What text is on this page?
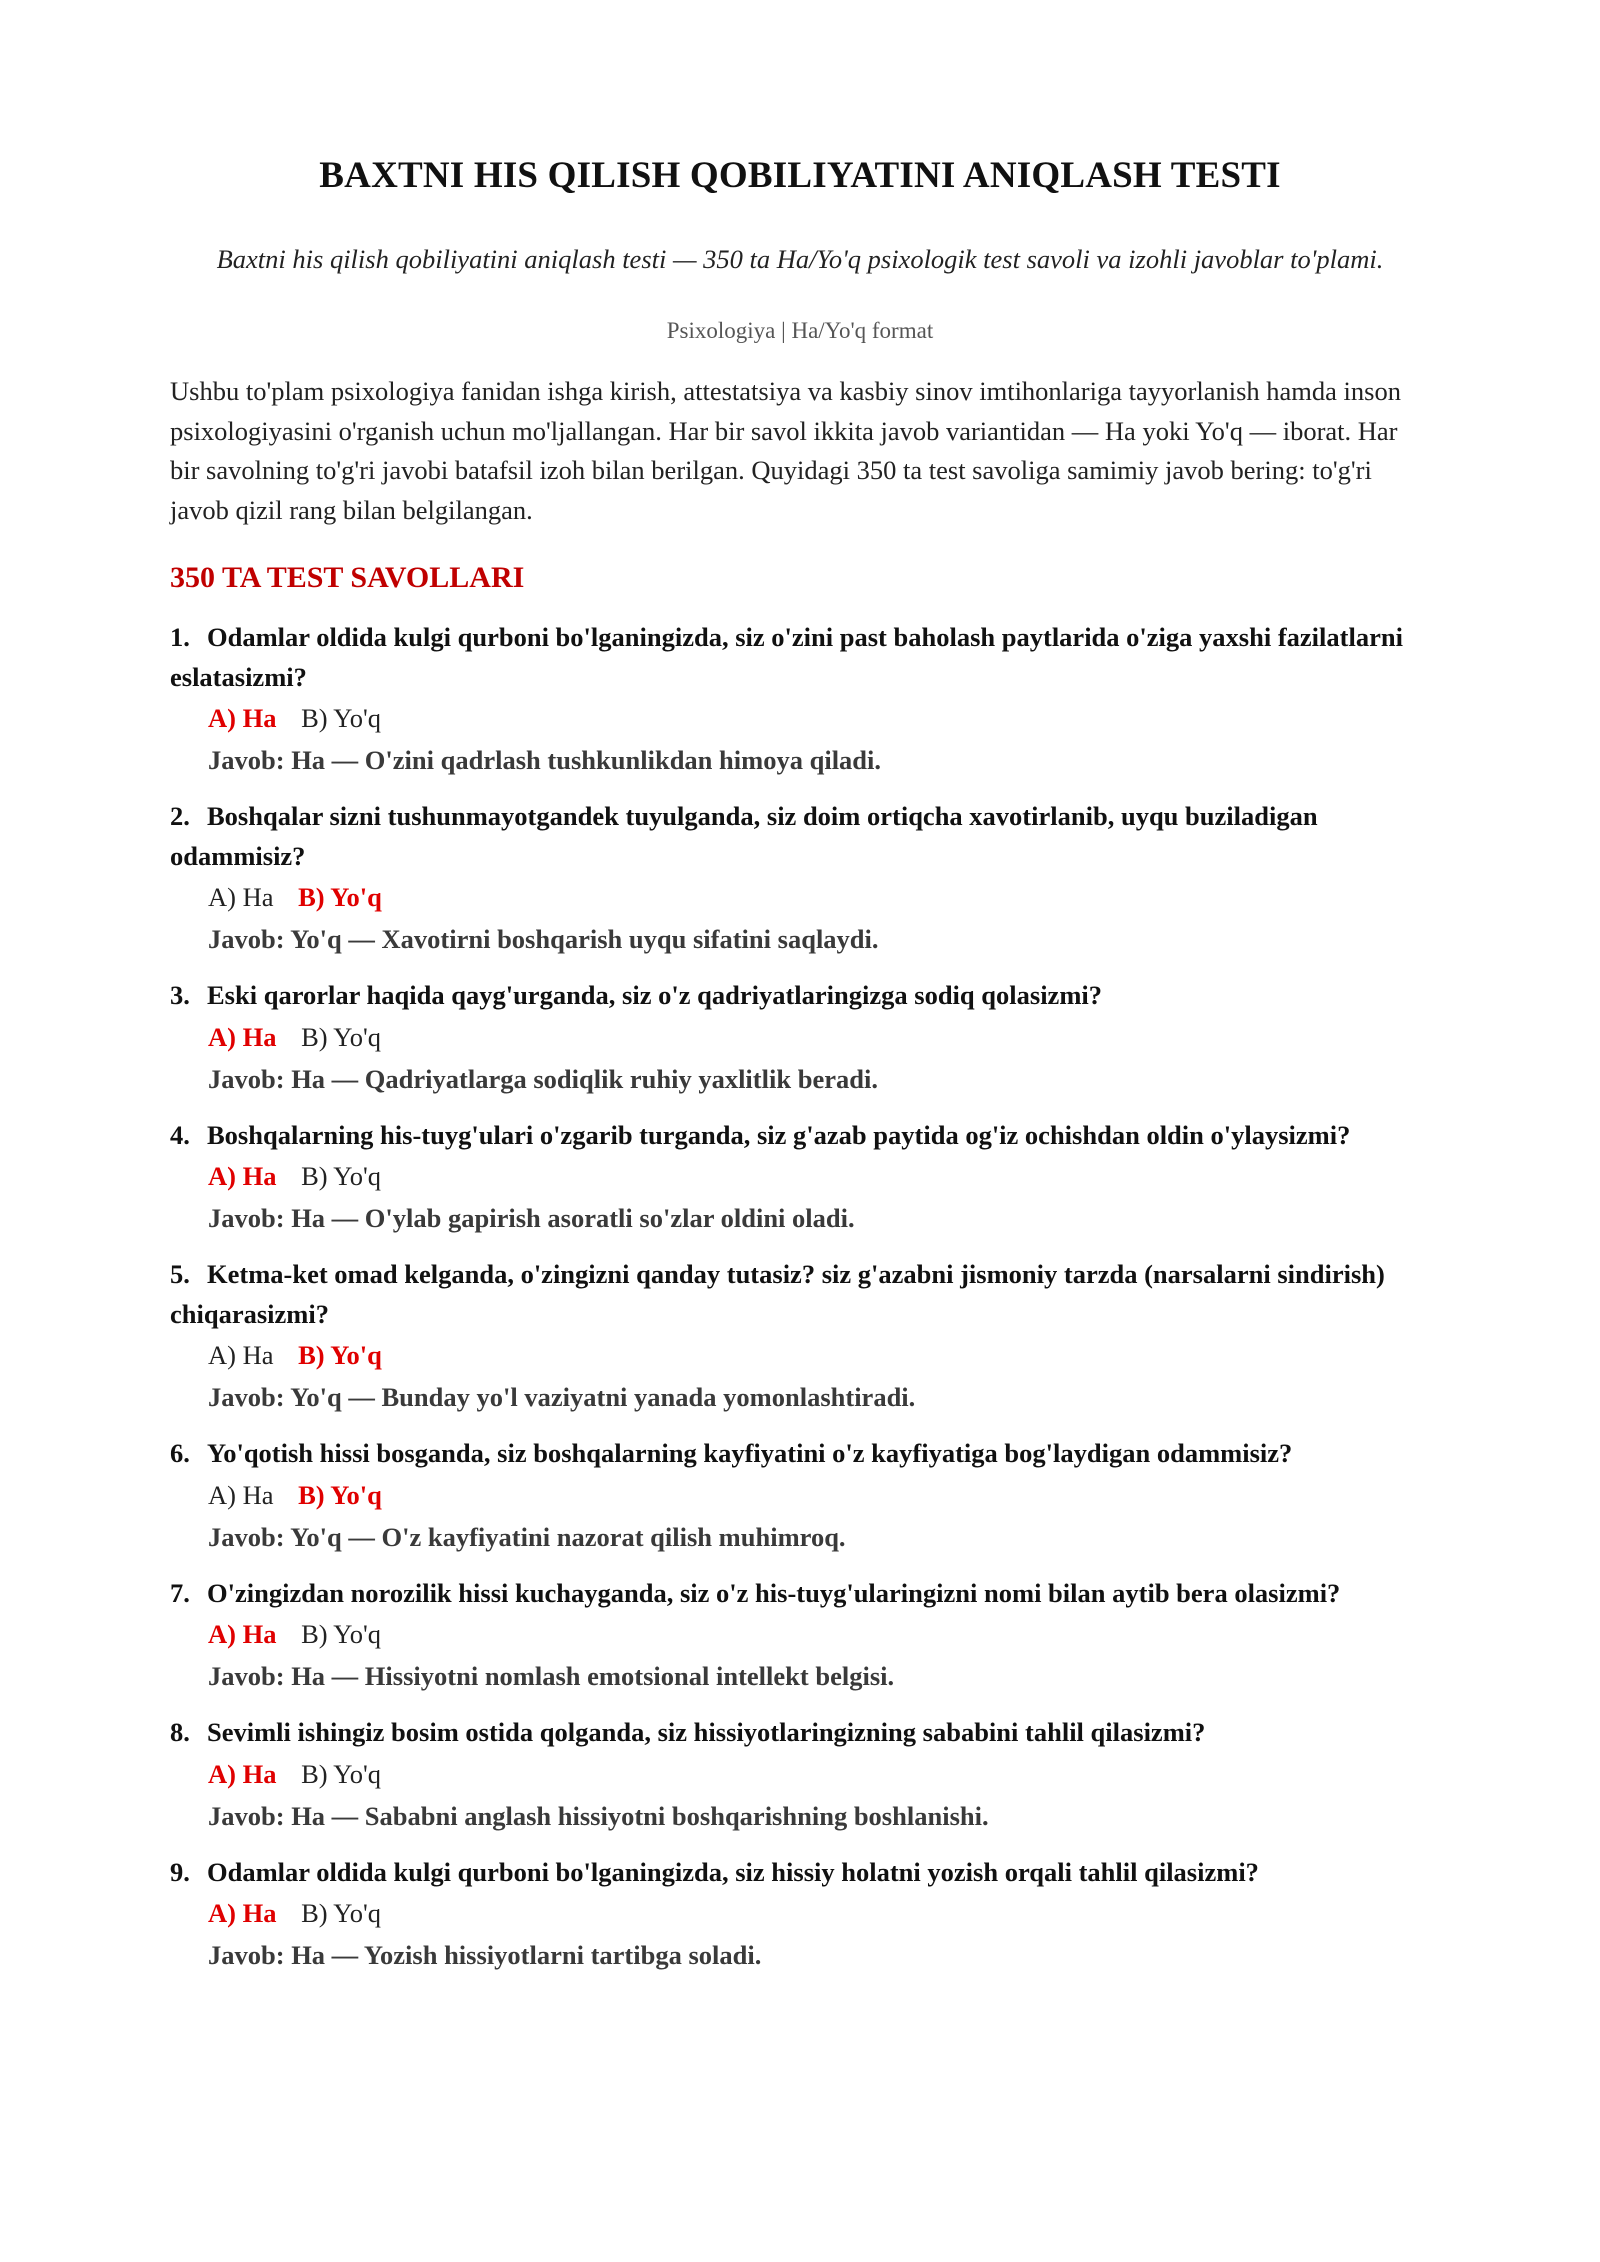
BAXTNI HIS QILISH QOBILIYATINI ANIQLASH TESTI
Baxtni his qilish qobiliyatini aniqlash testi — 350 ta Ha/Yo'q psixologik test savoli va izohli javoblar to'plami.
Psixologiya | Ha/Yo'q format
Ushbu to'plam psixologiya fanidan ishga kirish, attestatsiya va kasbiy sinov imtihonlariga tayyorlanish hamda inson psixologiyasini o'rganish uchun mo'ljallangan. Har bir savol ikkita javob variantidan — Ha yoki Yo'q — iborat. Har bir savolning to'g'ri javobi batafsil izoh bilan berilgan. Quyidagi 350 ta test savoliga samimiy javob bering: to'g'ri javob qizil rang bilan belgilangan.
350 TA TEST SAVOLLARI
1. Odamlar oldida kulgi qurboni bo'lganingizda, siz o'zini past baholash paytlarida o'ziga yaxshi fazilatlarni eslatasizmi?
A) Ha B) Yo'q
Javob: Ha — O'zini qadrlash tushkunlikdan himoya qiladi.
2. Boshqalar sizni tushunmayotgandek tuyulganda, siz doim ortiqcha xavotirlanib, uyqu buziladigan odammisiz?
A) Ha B) Yo'q
Javob: Yo'q — Xavotirni boshqarish uyqu sifatini saqlaydi.
3. Eski qarorlar haqida qayg'urganda, siz o'z qadriyatlaringizga sodiq qolasizmi?
A) Ha B) Yo'q
Javob: Ha — Qadriyatlarga sodiqlik ruhiy yaxlitlik beradi.
4. Boshqalarning his-tuyg'ulari o'zgarib turganda, siz g'azab paytida og'iz ochishdan oldin o'ylaysizmi?
A) Ha B) Yo'q
Javob: Ha — O'ylab gapirish asoratli so'zlar oldini oladi.
5. Ketma-ket omad kelganda, o'zingizni qanday tutasiz? siz g'azabni jismoniy tarzda (narsalarni sindirish) chiqarasizmi?
A) Ha B) Yo'q
Javob: Yo'q — Bunday yo'l vaziyatni yanada yomonlashtiradi.
6. Yo'qotish hissi bosganda, siz boshqalarning kayfiyatini o'z kayfiyatiga bog'laydigan odammisiz?
A) Ha B) Yo'q
Javob: Yo'q — O'z kayfiyatini nazorat qilish muhimroq.
7. O'zingizdan norozilik hissi kuchayganda, siz o'z his-tuyg'ularingizni nomi bilan aytib bera olasizmi?
A) Ha B) Yo'q
Javob: Ha — Hissiyotni nomlash emotsional intellekt belgisi.
8. Sevimli ishingiz bosim ostida qolganda, siz hissiyotlaringizning sababini tahlil qilasizmi?
A) Ha B) Yo'q
Javob: Ha — Sababni anglash hissiyotni boshqarishning boshlanishi.
9. Odamlar oldida kulgi qurboni bo'lganingizda, siz hissiy holatni yozish orqali tahlil qilasizmi?
A) Ha B) Yo'q
Javob: Ha — Yozish hissiyotlarni tartibga soladi.
